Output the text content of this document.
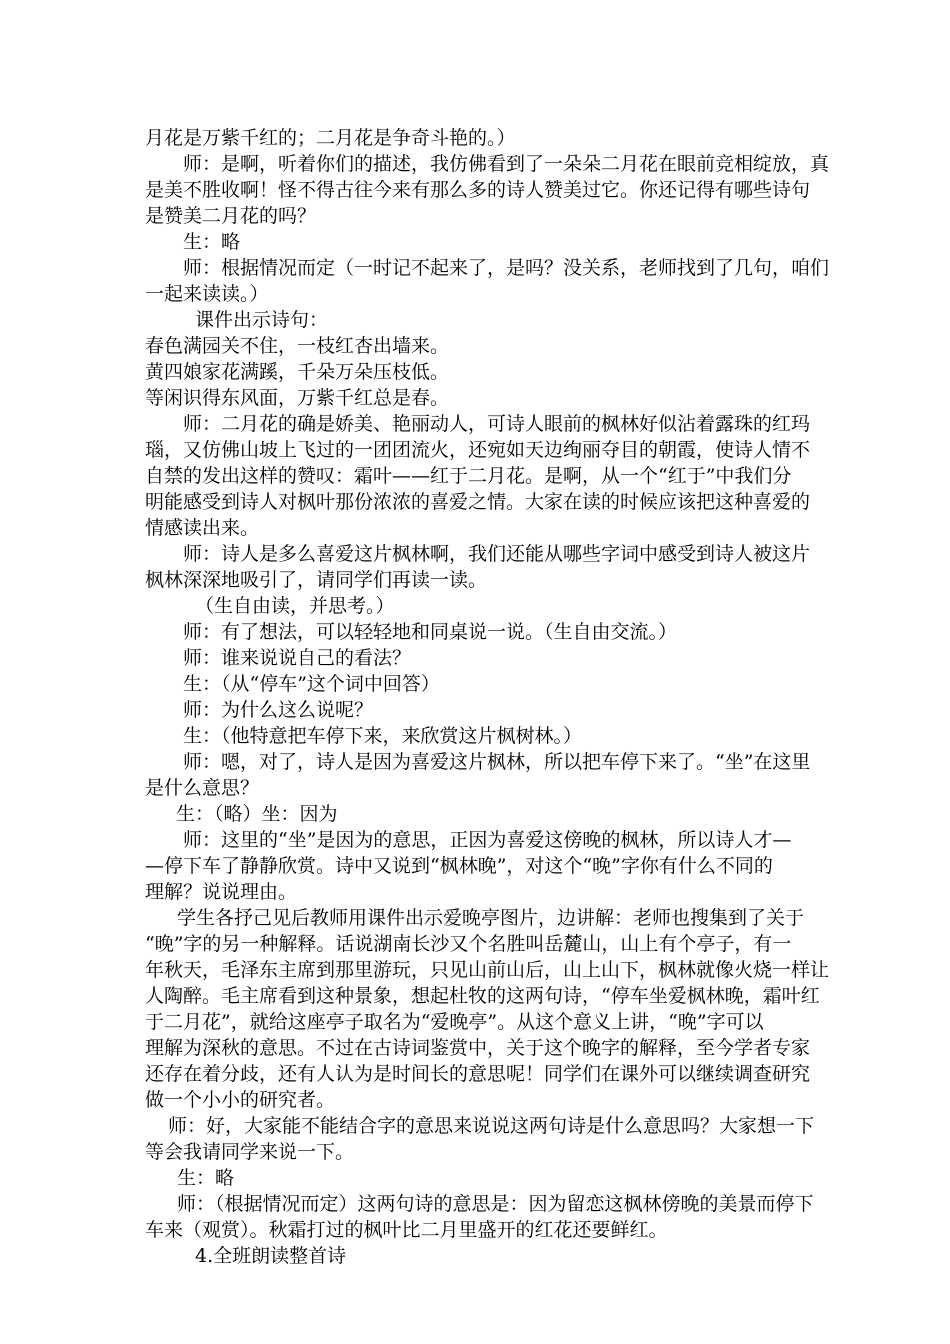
月花是万紫千红的；二月花是争奇斗艳的。）
师：是啊，听着你们的描述，我仿佛看到了一朵朵二月花在眼前竞相绽放，真
是美不胜收啊！怪不得古往今来有那么多的诗人赞美过它。你还记得有哪些诗句
是赞美二月花的吗？
生：略
师：根据情况而定（一时记不起来了，是吗？没关系，老师找到了几句，咱们
一起来读读。）
课件出示诗句：
春色满园关不住，一枝红杏出墙来。
黄四娘家花满蹊，千朵万朵压枝低。
等闲识得东风面，万紫千红总是春。
师：二月花的确是娇美、艳丽动人，可诗人眼前的枫林好似沾着露珠的红玛
瑙，又仿佛山坡上飞过的一团团流火，还宛如天边绚丽夺目的朝霞，使诗人情不
自禁的发出这样的赞叹：霜叶——红于二月花。是啊，从一个“红于”中我们分
明能感受到诗人对枫叶那份浓浓的喜爱之情。大家在读的时候应该把这种喜爱的
情感读出来。
师：诗人是多么喜爱这片枫林啊，我们还能从哪些字词中感受到诗人被这片
枫林深深地吸引了，请同学们再读一读。
（生自由读，并思考。）
师：有了想法，可以轻轻地和同桌说一说。（生自由交流。）
师：谁来说说自己的看法？
生：（从“停车”这个词中回答）
师：为什么这么说呢？
生：（他特意把车停下来，来欣赏这片枫树林。）
师：嗯，对了，诗人是因为喜爱这片枫林，所以把车停下来了。“坐”在这里
是什么意思？
生：（略）坐：因为
师：这里的“坐”是因为的意思，正因为喜爱这傍晚的枫林，所以诗人才—
—停下车了静静欣赏。诗中又说到“枫林晚”，对这个“晚”字你有什么不同的
理解？说说理由。
学生各抒己见后教师用课件出示爱晚亭图片，边讲解：老师也搜集到了关于
“晚”字的另一种解释。话说湖南长沙又个名胜叫岳麓山，山上有个亭子，有一
年秋天，毛泽东主席到那里游玩，只见山前山后，山上山下，枫林就像火烧一样让
人陶醉。毛主席看到这种景象，想起杜牧的这两句诗，“停车坐爱枫林晚，霜叶红
于二月花”，就给这座亭子取名为“爱晚亭”。从这个意义上讲，“晚”字可以
理解为深秋的意思。不过在古诗词鉴赏中，关于这个晚字的解释，至今学者专家
还存在着分歧，还有人认为是时间长的意思呢！同学们在课外可以继续调查研究
做一个小小的研究者。
师：好，大家能不能结合字的意思来说说这两句诗是什么意思吗？大家想一下
等会我请同学来说一下。
生：略
师：（根据情况而定）这两句诗的意思是：因为留恋这枫林傍晚的美景而停下
车来（观赏）。秋霜打过的枫叶比二月里盛开的红花还要鲜红。
4.全班朗读整首诗
